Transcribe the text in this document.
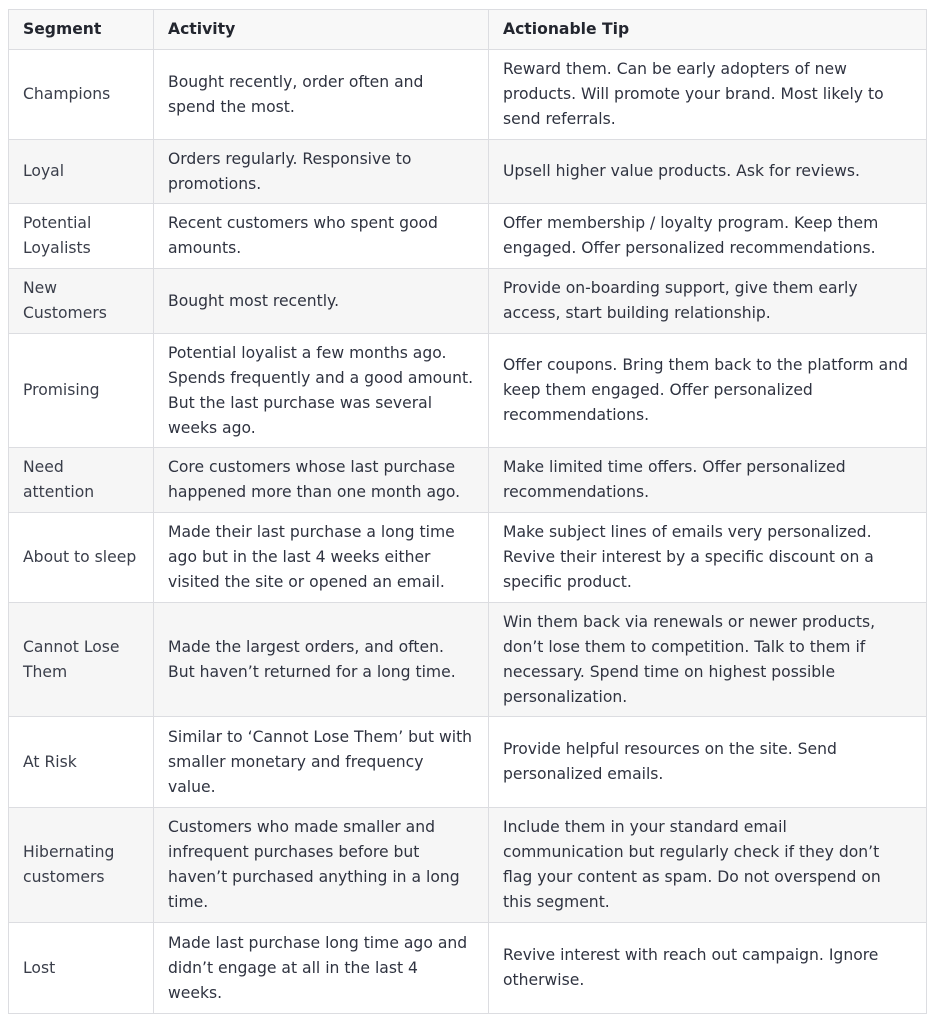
Segment	Activity	Actionable Tip
Champions	Bought recently, order often and spend the most.	Reward them. Can be early adopters of new products. Will promote your brand. Most likely to send referrals.
Loyal	Orders regularly. Responsive to promotions.	Upsell higher value products. Ask for reviews.
Potential Loyalists	Recent customers who spent good amounts.	Offer membership / loyalty program. Keep them engaged. Offer personalized recommendations.
New Customers	Bought most recently.	Provide on-boarding support, give them early access, start building relationship.
Promising	Potential loyalist a few months ago. Spends frequently and a good amount. But the last purchase was several weeks ago.	Offer coupons. Bring them back to the platform and keep them engaged. Offer personalized recommendations.
Need attention	Core customers whose last purchase happened more than one month ago.	Make limited time offers. Offer personalized recommendations.
About to sleep	Made their last purchase a long time ago but in the last 4 weeks either visited the site or opened an email.	Make subject lines of emails very personalized. Revive their interest by a specific discount on a specific product.
Cannot Lose Them	Made the largest orders, and often. But haven’t returned for a long time.	Win them back via renewals or newer products, don’t lose them to competition. Talk to them if necessary. Spend time on highest possible personalization.
At Risk	Similar to ‘Cannot Lose Them’ but with smaller monetary and frequency value.	Provide helpful resources on the site. Send personalized emails.
Hibernating customers	Customers who made smaller and infrequent purchases before but haven’t purchased anything in a long time.	Include them in your standard email communication but regularly check if they don’t flag your content as spam. Do not overspend on this segment.
Lost	Made last purchase long time ago and didn’t engage at all in the last 4 weeks.	Revive interest with reach out campaign. Ignore otherwise.
